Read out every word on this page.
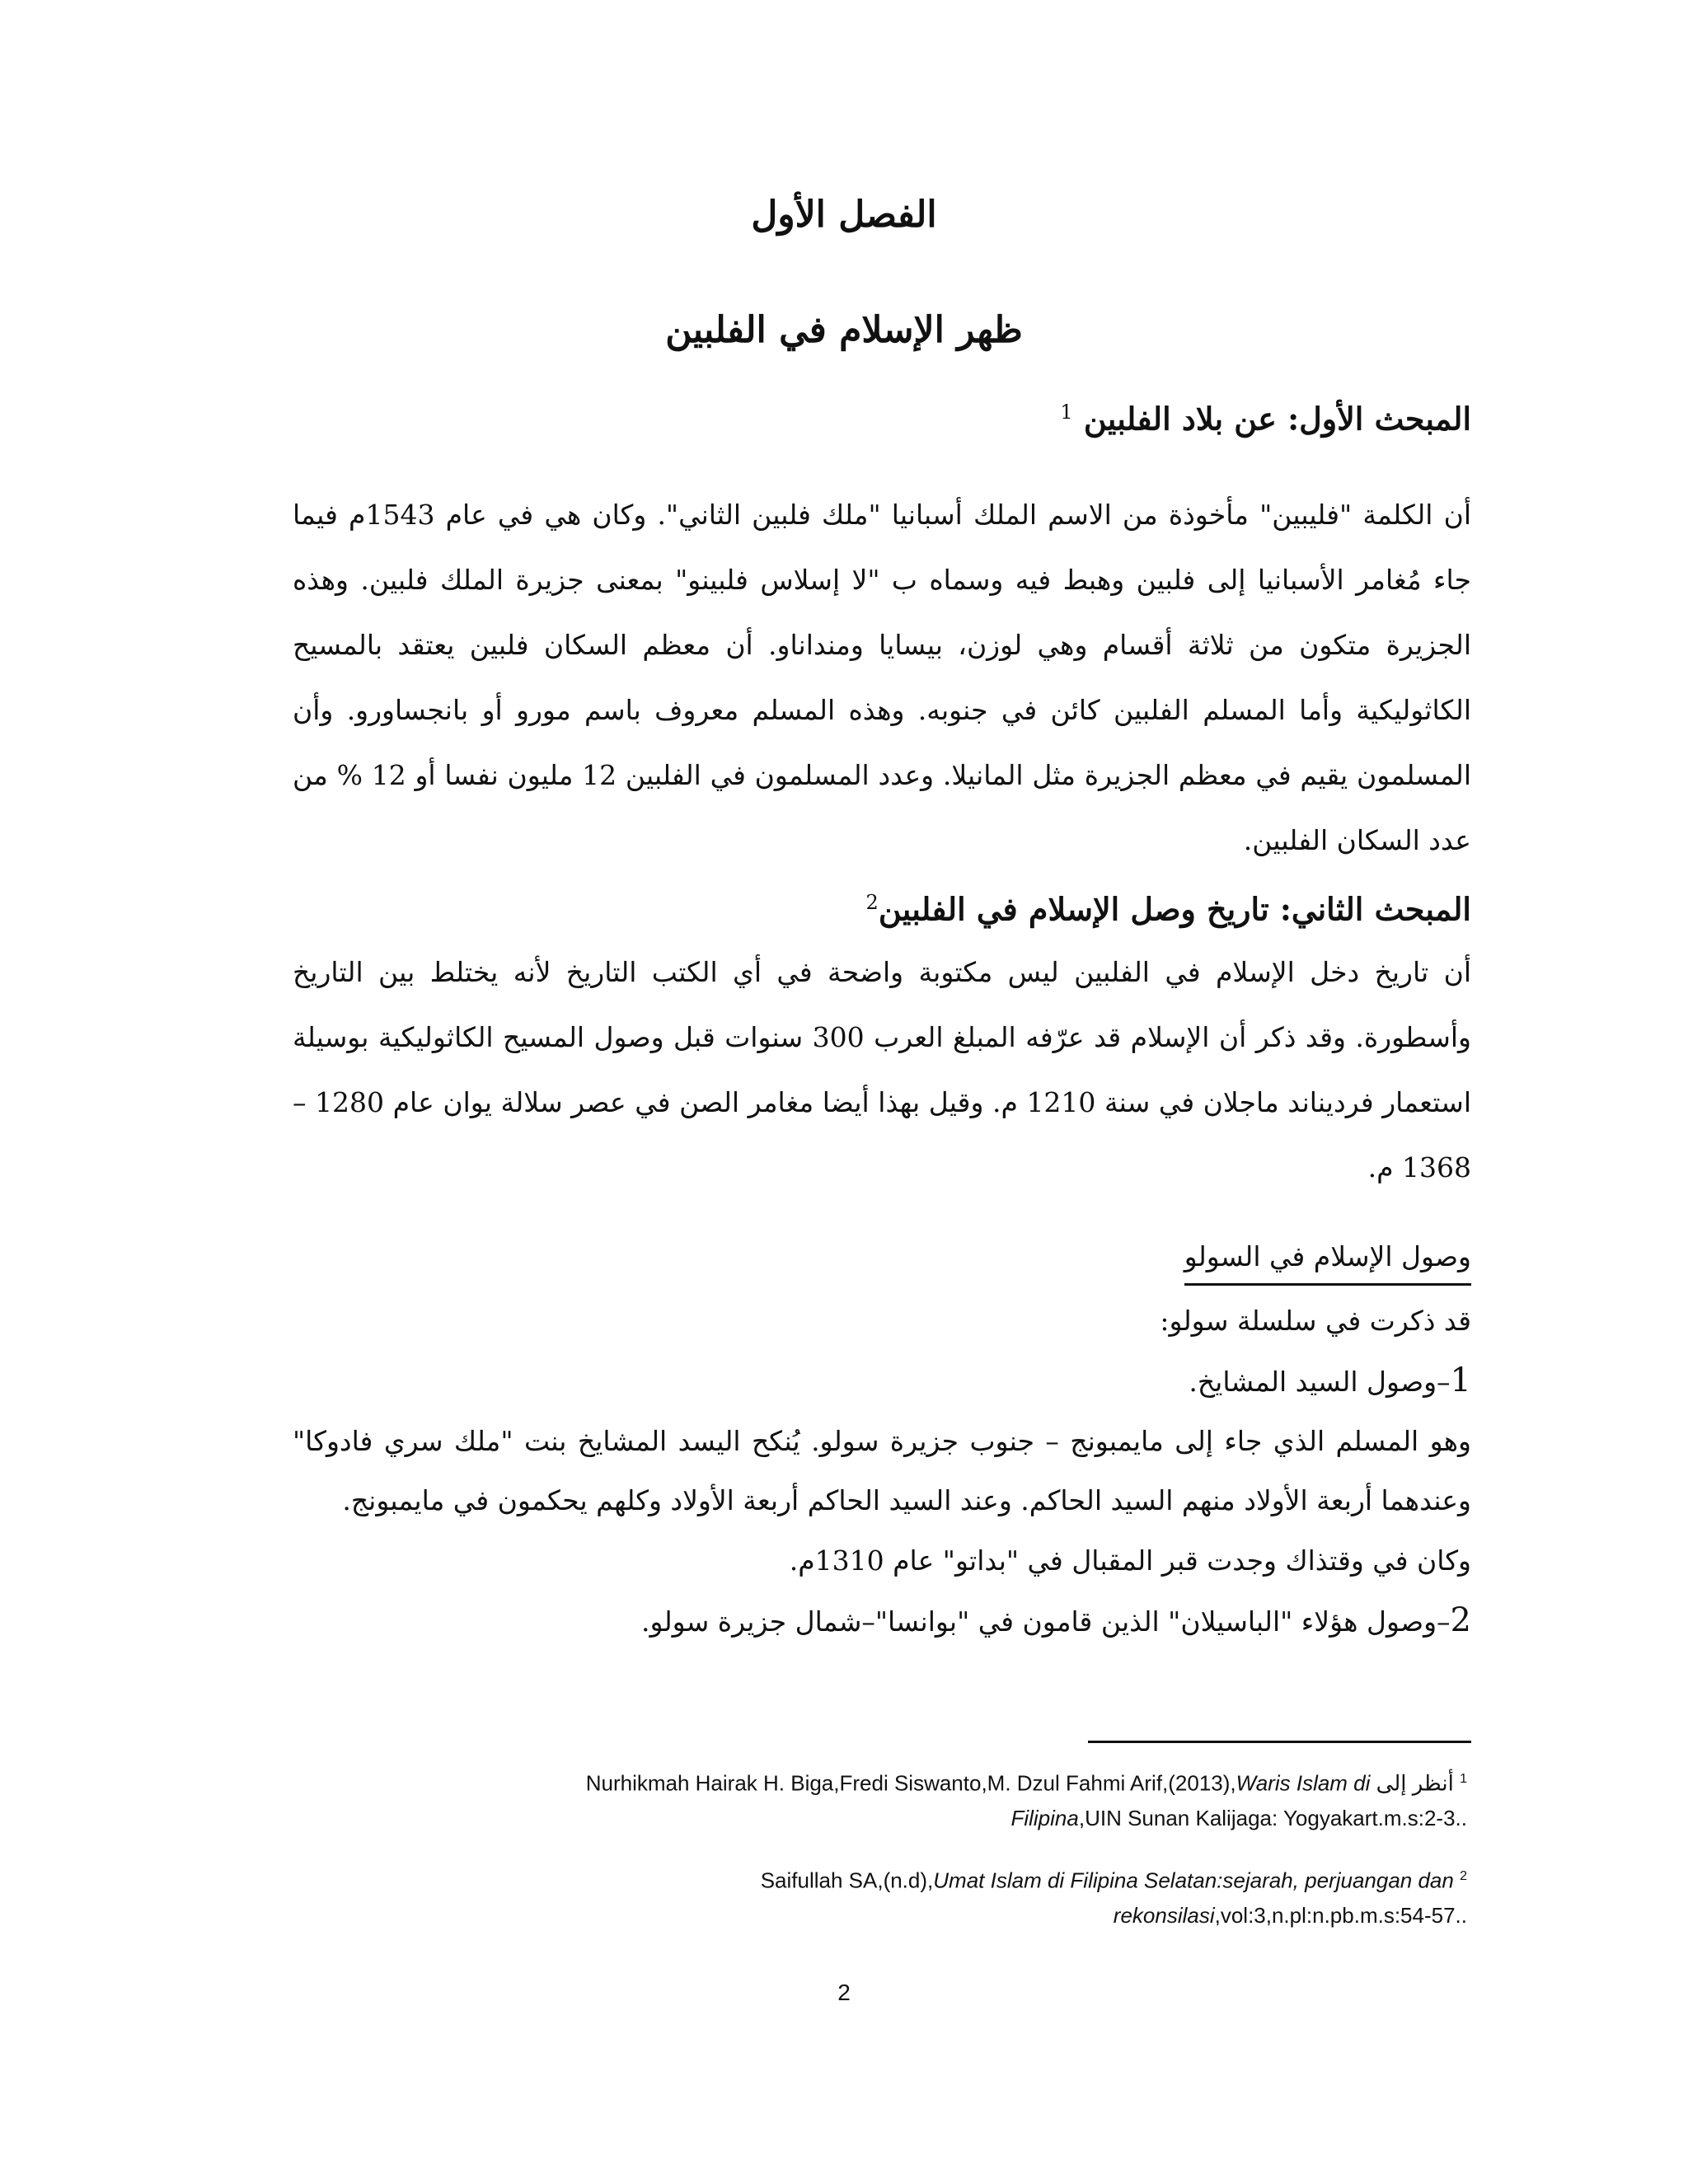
الفصل الأول
ظهر الإسلام في الفلبين
المبحث الأول: عن بلاد الفلبين $^1$

أن الكلمة "فليبين" مأخوذة من الاسم الملك أسبانيا "ملك فلبين الثاني". وكان هي في عام 1543م فيما جاء مُغامر الأسبانيا إلى فلبين وهبط فيه وسماه ب "لا إسلاس فلبينو" بمعنى جزيرة الملك فلبين. وهذه الجزيرة متكون من ثلاثة أقسام وهي لوزن، بيسايا ومنداناو. أن معظم السكان فلبين يعتقد بالمسيح الكاثوليكية وأما المسلم الفلبين كائن في جنوبه. وهذه المسلم معروف باسم مورو أو بانجساورو. وأن المسلمون يقيم في معظم الجزيرة مثل المانيلا. وعدد المسلمون في الفلبين 12 مليون نفسا أو 12 % من عدد السكان الفلبين.

المبحث الثاني: تاريخ وصل الإسلام في الفلبين$^2$

أن تاريخ دخل الإسلام في الفلبين ليس مكتوبة واضحة في أي الكتب التاريخ لأنه يختلط بين التاريخ وأسطورة. وقد ذكر أن الإسلام قد عرّفه المبلغ العرب 300 سنوات قبل وصول المسيح الكاثوليكية بوسيلة استعمار فرديناند ماجلان في سنة 1210 م. وقيل بهذا أيضا مغامر الصن في عصر سلالة يوان عام 1280 – 1368 م.

وصول الإسلام في السولو
قد ذكرت في سلسلة سولو:
1–وصول السيد المشايخ.

وهو المسلم الذي جاء إلى مايمبونج – جنوب جزيرة سولو. يُنكح اليسد المشايخ بنت "ملك سري فادوكا" وعندهما أربعة الأولاد منهم السيد الحاكم. وعند السيد الحاكم أربعة الأولاد وكلهم يحكمون في مايمبونج.

وكان في وقتذاك وجدت قبر المقبال في "بداتو" عام 1310م.
2–وصول هؤلاء "الباسيلان" الذين قامون في "بوانسا"–شمال جزيرة سولو.
Nurhikmah Hairak H. Biga,Fredi Siswanto,M. Dzul Fahmi Arif,(2013),Waris Islam di أنظر إلى $^1$
Filipina,UIN Sunan Kalijaga: Yogyakart.m.s:2-3..
Saifullah SA,(n.d),Umat Islam di Filipina Selatan:sejarah, perjuangan dan $^2$
rekonsilasi,vol:3,n.pl:n.pb.m.s:54-57..
2
